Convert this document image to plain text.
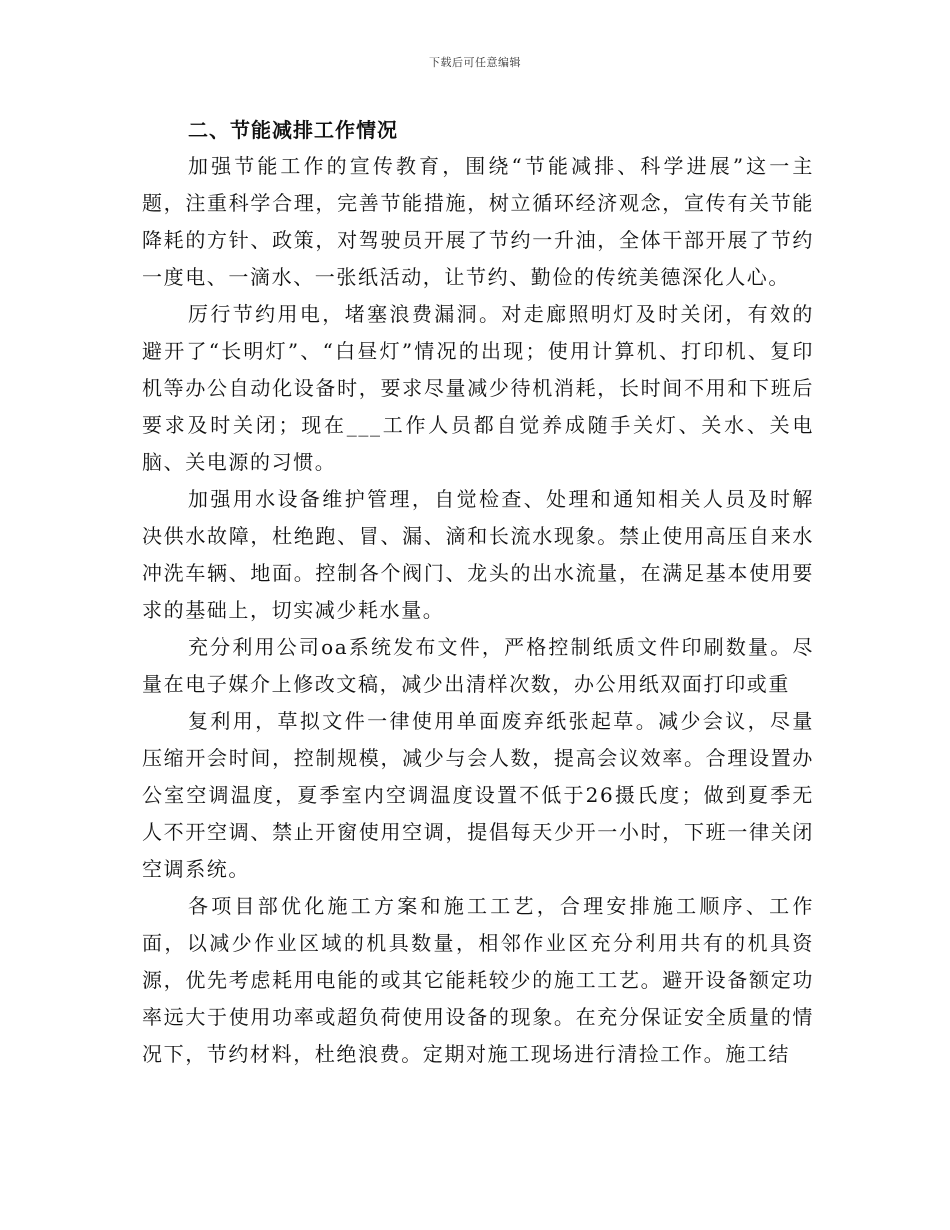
下载后可任意编辑
二、节能减排工作情况

加强节能工作的宣传教育，围绕“节能减排、科学进展”这一主题，注重科学合理，完善节能措施，树立循环经济观念，宣传有关节能降耗的方针、政策，对驾驶员开展了节约一升油，全体干部开展了节约一度电、一滴水、一张纸活动，让节约、勤俭的传统美德深化人心。

厉行节约用电，堵塞浪费漏洞。对走廊照明灯及时关闭，有效的避开了“长明灯”、“白昼灯”情况的出现；使用计算机、打印机、复印机等办公自动化设备时，要求尽量减少待机消耗，长时间不用和下班后要求及时关闭；现在___工作人员都自觉养成随手关灯、关水、关电脑、关电源的习惯。

加强用水设备维护管理，自觉检查、处理和通知相关人员及时解决供水故障，杜绝跑、冒、漏、滴和长流水现象。禁止使用高压自来水冲洗车辆、地面。控制各个阀门、龙头的出水流量，在满足基本使用要求的基础上，切实减少耗水量。

充分利用公司oa系统发布文件，严格控制纸质文件印刷数量。尽量在电子媒介上修改文稿，减少出清样次数，办公用纸双面打印或重

复利用，草拟文件一律使用单面废弃纸张起草。减少会议，尽量压缩开会时间，控制规模，减少与会人数，提高会议效率。合理设置办公室空调温度，夏季室内空调温度设置不低于26摄氏度；做到夏季无人不开空调、禁止开窗使用空调，提倡每天少开一小时，下班一律关闭空调系统。

各项目部优化施工方案和施工工艺，合理安排施工顺序、工作面，以减少作业区域的机具数量，相邻作业区充分利用共有的机具资源，优先考虑耗用电能的或其它能耗较少的施工工艺。避开设备额定功率远大于使用功率或超负荷使用设备的现象。在充分保证安全质量的情况下，节约材料，杜绝浪费。定期对施工现场进行清捡工作。施工结
